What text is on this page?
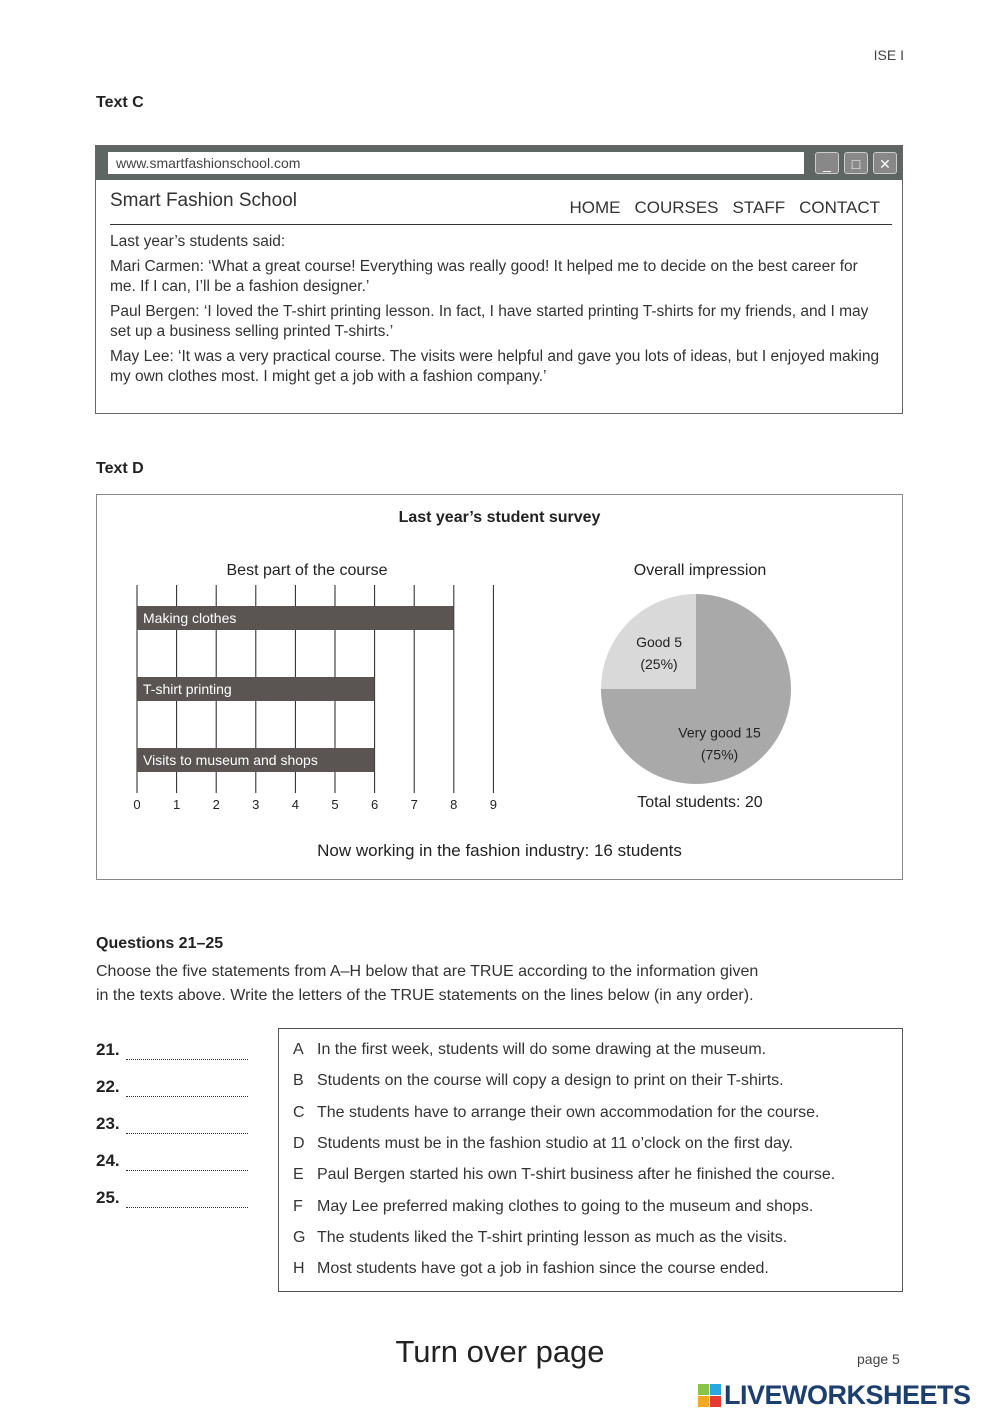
ISE I
Text C
www.smartfashionschool.com	_	□	✕
Smart Fashion School	HOME COURSES STAFF CONTACT

Last year’s students said:

Mari Carmen: ‘What a great course! Everything was really good! It helped me to decide on the best career for me. If I can, I’ll be a fashion designer.’

Paul Bergen: ‘I loved the T-shirt printing lesson. In fact, I have started printing T-shirts for my friends, and I may set up a business selling printed T-shirts.’

May Lee: ‘It was a very practical course. The visits were helpful and gave you lots of ideas, but I enjoyed making my own clothes most. I might get a job with a fashion company.’

Text D
Best part of the course
0 1 2 3 4 5 6 7 8 9
Making clothes
T-shirt printing
Visits to museum and shops
Overall impression
Good 5
(25%)
Very good 15
(75%)
Total students: 20
Last year’s student survey
Now working in the fashion industry: 16 students
Questions 21–25
Choose the five statements from A–H below that are TRUE according to the information given
in the texts above. Write the letters of the TRUE statements on the lines below (in any order).
21.
22.
23.
24.
25.
A In the first week, students will do some drawing at the museum.
B Students on the course will copy a design to print on their T-shirts.
C The students have to arrange their own accommodation for the course.
D Students must be in the fashion studio at 11 o’clock on the first day.
E Paul Bergen started his own T-shirt business after he finished the course.
F May Lee preferred making clothes to going to the museum and shops.
G The students liked the T-shirt printing lesson as much as the visits.
H Most students have got a job in fashion since the course ended.
Turn over page	page 5
LIVEWORKSHEETS
